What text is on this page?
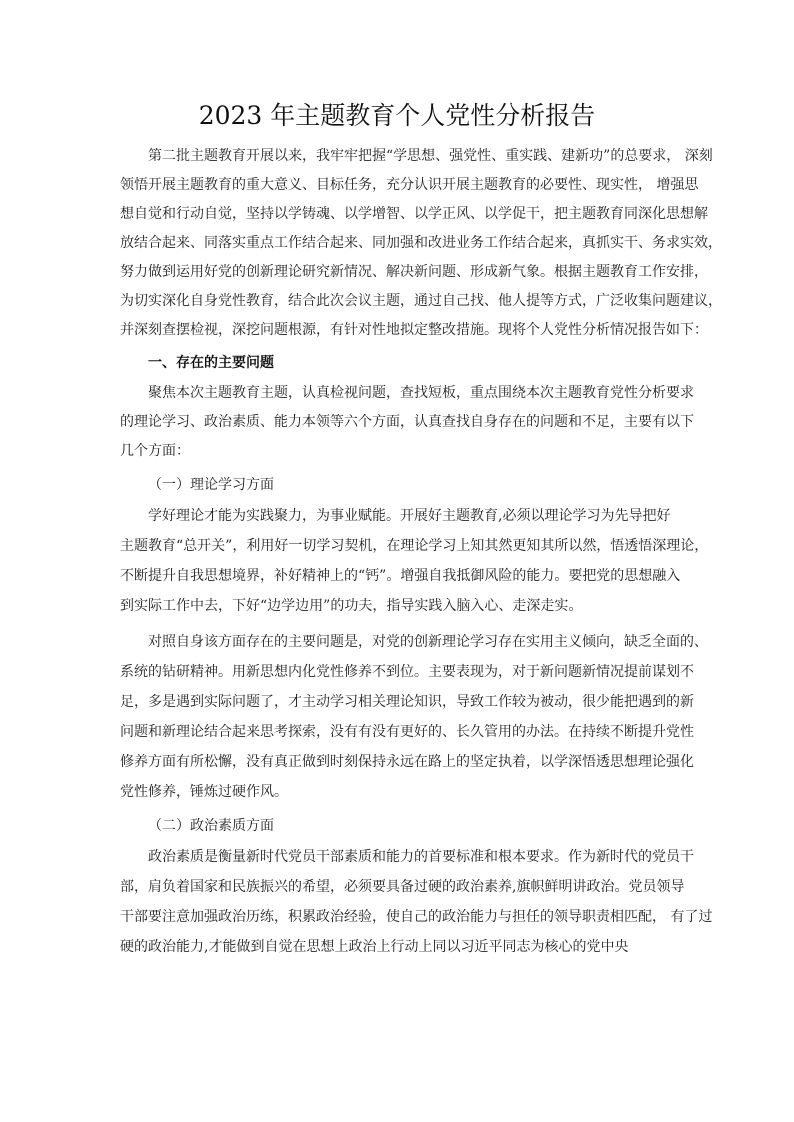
2023 年主题教育个人党性分析报告
第二批主题教育开展以来，我牢牢把握“学思想、强党性、重实践、建新功”的总要求， 深刻
领悟开展主题教育的重大意义、目标任务，充分认识开展主题教育的必要性、现实性， 增强思
想自觉和行动自觉，坚持以学铸魂、以学增智、以学正风、以学促干，把主题教育同深化思想解
放结合起来、同落实重点工作结合起来、同加强和改进业务工作结合起来，真抓实干、务求实效，
努力做到运用好党的创新理论研究新情况、解决新问题、形成新气象。根据主题教育工作安排，
为切实深化自身党性教育，结合此次会议主题，通过自己找、他人提等方式，广泛收集问题建议，
并深刻查摆检视，深挖问题根源，有针对性地拟定整改措施。现将个人党性分析情况报告如下：
一、存在的主要问题
聚焦本次主题教育主题，认真检视问题，查找短板，重点围绕本次主题教育党性分析要求
的理论学习、政治素质、能力本领等六个方面，认真查找自身存在的问题和不足，主要有以下
几个方面：
（一）理论学习方面
学好理论才能为实践聚力，为事业赋能。开展好主题教育,必须以理论学习为先导把好
主题教育“总开关”，利用好一切学习契机，在理论学习上知其然更知其所以然，悟透悟深理论，
不断提升自我思想境界，补好精神上的“钙”。增强自我抵御风险的能力。要把党的思想融入
到实际工作中去，下好“边学边用”的功夫，指导实践入脑入心、走深走实。
对照自身该方面存在的主要问题是，对党的创新理论学习存在实用主义倾向，缺乏全面的、
系统的钻研精神。用新思想内化党性修养不到位。主要表现为，对于新问题新情况提前谋划不
足，多是遇到实际问题了，才主动学习相关理论知识，导致工作较为被动，很少能把遇到的新
问题和新理论结合起来思考探索，没有有没有更好的、长久管用的办法。在持续不断提升党性
修养方面有所松懈，没有真正做到时刻保持永远在路上的坚定执着，以学深悟透思想理论强化
党性修养，锤炼过硬作风。
（二）政治素质方面
政治素质是衡量新时代党员干部素质和能力的首要标准和根本要求。作为新时代的党员干
部，肩负着国家和民族振兴的希望，必须要具备过硬的政治素养,旗帜鲜明讲政治。党员领导
干部要注意加强政治历练，积累政治经验，使自己的政治能力与担任的领导职责相匹配， 有了过
硬的政治能力,才能做到自觉在思想上政治上行动上同以习近平同志为核心的党中央
